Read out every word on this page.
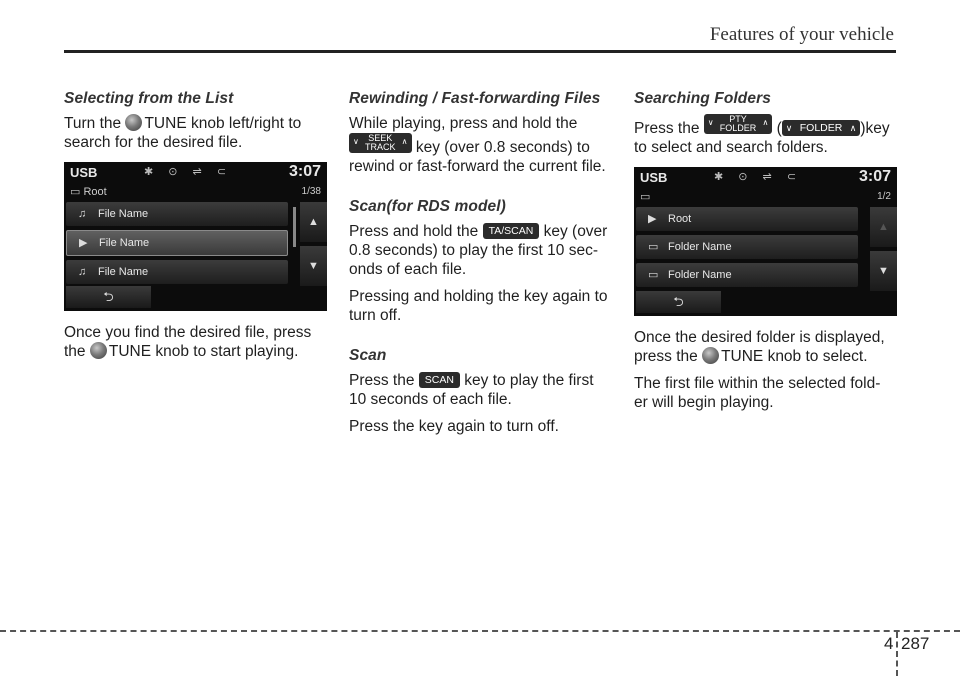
Features of your vehicle
Selecting from the List

Turn the TUNE knob left/right to search for the desired file.

USB	✱ ⊙ ⇌ ⊂	3:07
▭ Root	1/38
♫ File Name
▶ File Name
♫ File Name
▲
▼
⮌

Once you find the desired file, press the TUNE knob to start playing.

Rewinding / Fast-forwarding Files

While playing, press and hold the
∨ SEEK
TRACK
∧ key (over 0.8 seconds) to rewind or fast-forward the current file.

Scan(for RDS model)

Press and hold the TA/SCAN key (over 0.8 seconds) to play the first 10 sec- onds of each file.

Pressing and holding the key again to turn off.

Scan

Press the SCAN key to play the first 10 seconds of each file.

Press the key again to turn off.

Searching Folders

Press the ∨ PTY
FOLDER
∧ ( ∨ FOLDER ∧ )key to select and search folders.

USB	✱ ⊙ ⇌ ⊂	3:07
▭	1/2
▶ Root
▭ Folder Name
▭ Folder Name
▲
▼
⮌

Once the desired folder is displayed, press the TUNE knob to select.

The first file within the selected fold- er will begin playing.

4 287
